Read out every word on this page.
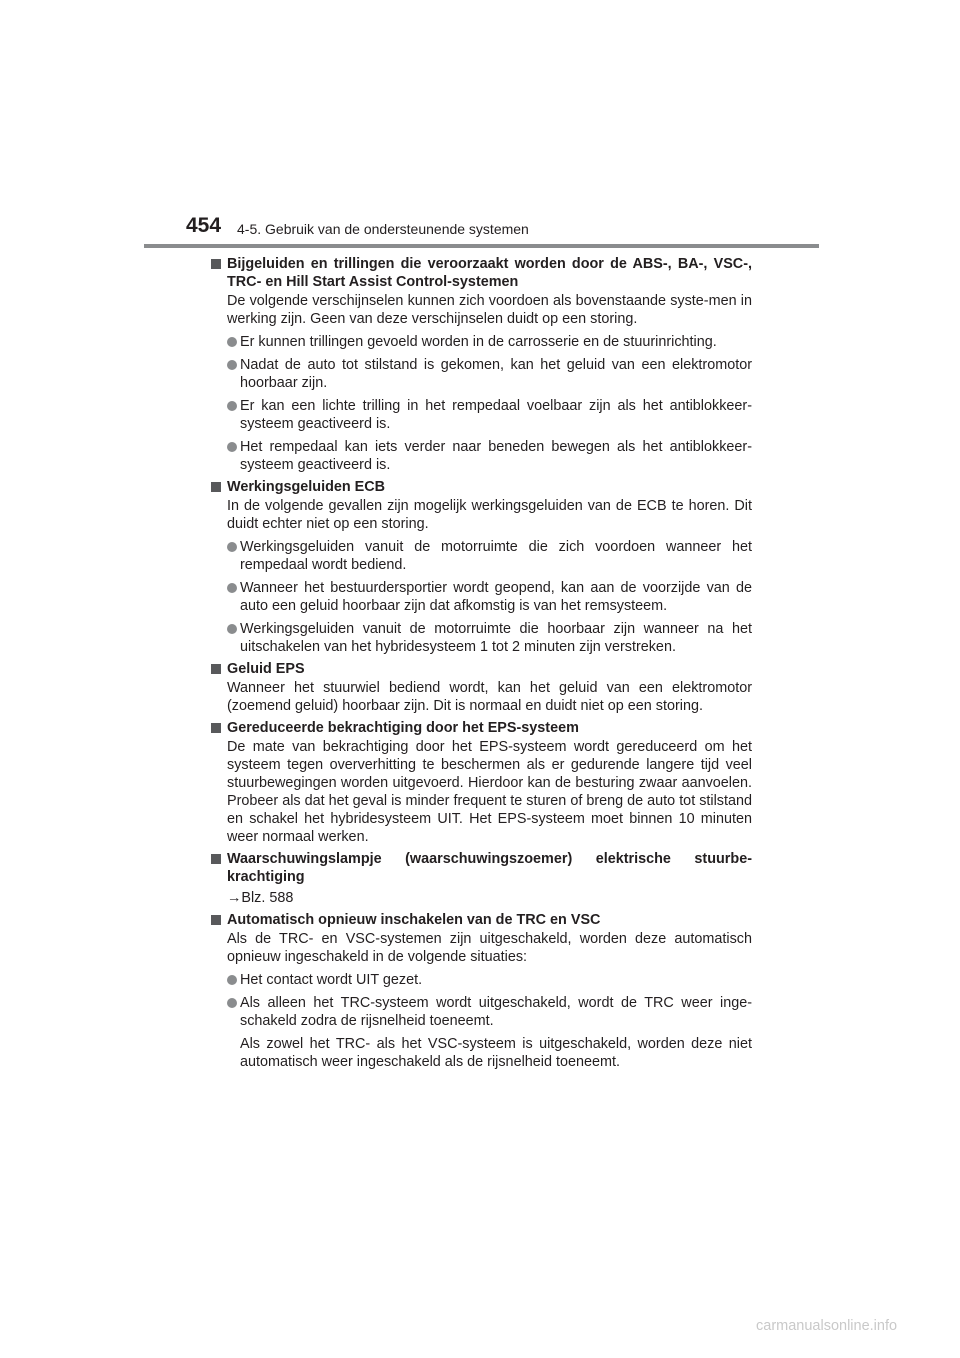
454 4-5. Gebruik van de ondersteunende systemen
Bijgeluiden en trillingen die veroorzaakt worden door de ABS-, BA-, VSC-, TRC- en Hill Start Assist Control-systemen
De volgende verschijnselen kunnen zich voordoen als bovenstaande syste-men in werking zijn. Geen van deze verschijnselen duidt op een storing.
Er kunnen trillingen gevoeld worden in de carrosserie en de stuurinrichting.
Nadat de auto tot stilstand is gekomen, kan het geluid van een elektromotor hoorbaar zijn.
Er kan een lichte trilling in het rempedaal voelbaar zijn als het antiblokkeer-systeem geactiveerd is.
Het rempedaal kan iets verder naar beneden bewegen als het antiblokkeer-systeem geactiveerd is.
Werkingsgeluiden ECB
In de volgende gevallen zijn mogelijk werkingsgeluiden van de ECB te horen. Dit duidt echter niet op een storing.
Werkingsgeluiden vanuit de motorruimte die zich voordoen wanneer het rempedaal wordt bediend.
Wanneer het bestuurdersportier wordt geopend, kan aan de voorzijde van de auto een geluid hoorbaar zijn dat afkomstig is van het remsysteem.
Werkingsgeluiden vanuit de motorruimte die hoorbaar zijn wanneer na het uitschakelen van het hybridesysteem 1 tot 2 minuten zijn verstreken.
Geluid EPS
Wanneer het stuurwiel bediend wordt, kan het geluid van een elektromotor (zoemend geluid) hoorbaar zijn. Dit is normaal en duidt niet op een storing.
Gereduceerde bekrachtiging door het EPS-systeem
De mate van bekrachtiging door het EPS-systeem wordt gereduceerd om het systeem tegen oververhitting te beschermen als er gedurende langere tijd veel stuurbewegingen worden uitgevoerd. Hierdoor kan de besturing zwaar aanvoelen. Probeer als dat het geval is minder frequent te sturen of breng de auto tot stilstand en schakel het hybridesysteem UIT. Het EPS-systeem moet binnen 10 minuten weer normaal werken.
Waarschuwingslampje (waarschuwingszoemer) elektrische stuurbe-krachtiging
→Blz. 588
Automatisch opnieuw inschakelen van de TRC en VSC
Als de TRC- en VSC-systemen zijn uitgeschakeld, worden deze automatisch opnieuw ingeschakeld in de volgende situaties:
Het contact wordt UIT gezet.
Als alleen het TRC-systeem wordt uitgeschakeld, wordt de TRC weer inge-schakeld zodra de rijsnelheid toeneemt.
Als zowel het TRC- als het VSC-systeem is uitgeschakeld, worden deze niet automatisch weer ingeschakeld als de rijsnelheid toeneemt.
carmanualsonline.info
